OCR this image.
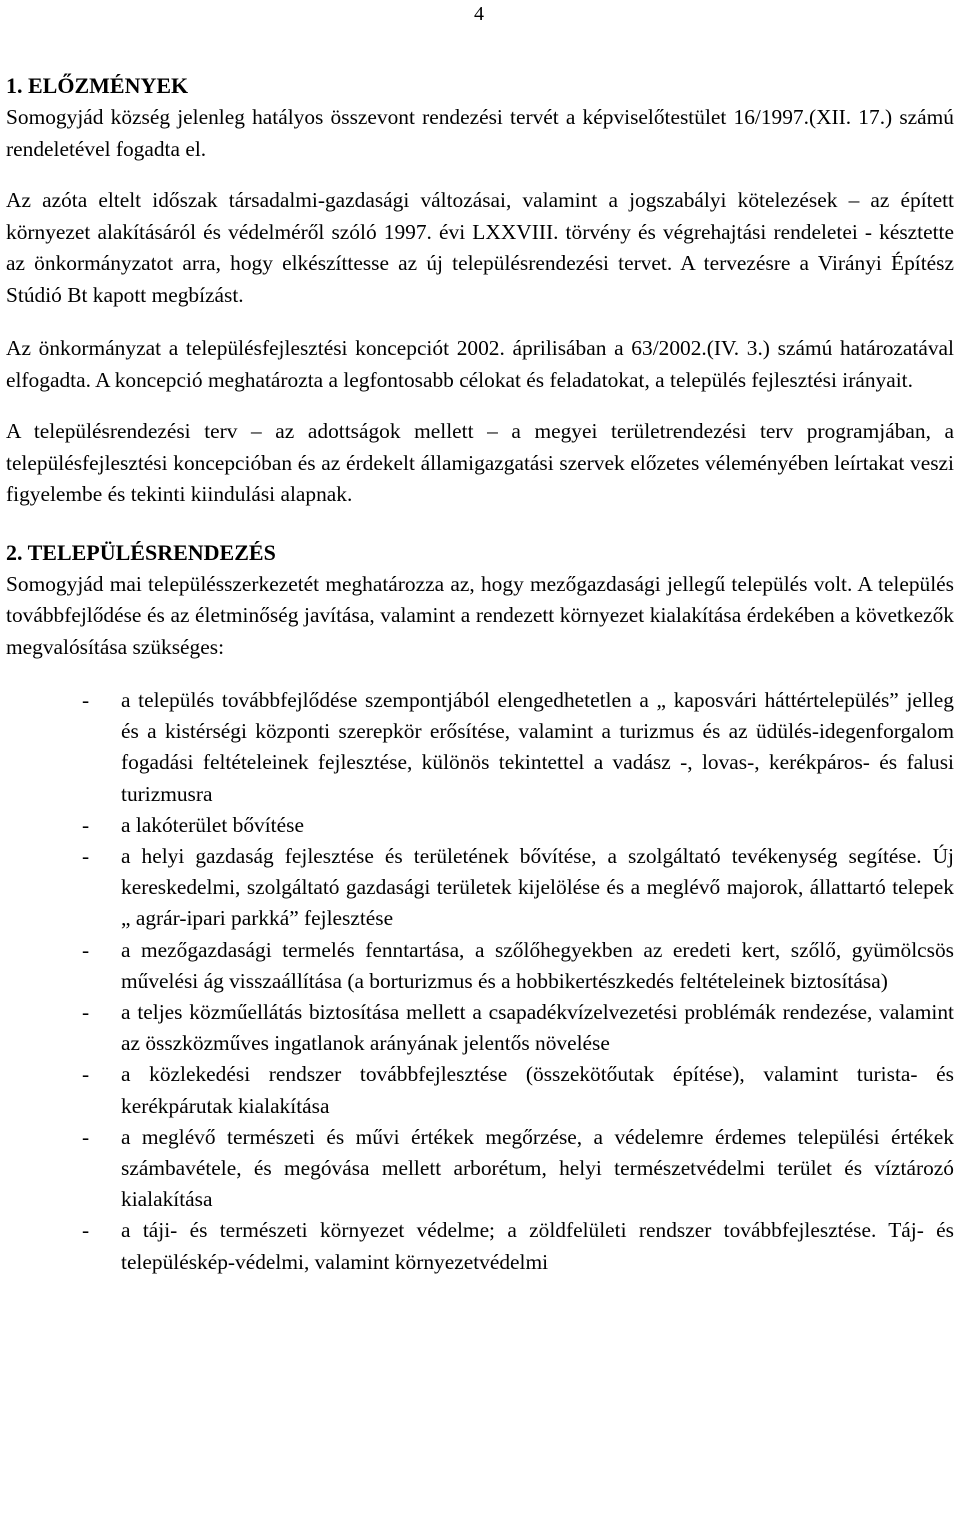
4
1. ELŐZMÉNYEK

Somogyjád község jelenleg hatályos összevont rendezési tervét a képviselőtestület 16/1997.(XII. 17.) számú rendeletével fogadta el.

Az azóta eltelt időszak társadalmi-gazdasági változásai, valamint a jogszabályi kötelezések – az épített környezet alakításáról és védelméről szóló 1997. évi LXXVIII. törvény és végrehajtási rendeletei - késztette az önkormányzatot arra, hogy elkészíttesse az új településrendezési tervet. A tervezésre a Virányi Építész Stúdió Bt kapott megbízást.

Az önkormányzat a településfejlesztési koncepciót 2002. áprilisában a 63/2002.(IV. 3.) számú határozatával elfogadta. A koncepció meghatározta a legfontosabb célokat és feladatokat, a település fejlesztési irányait.

A településrendezési terv – az adottságok mellett – a megyei területrendezési terv programjában, a településfejlesztési koncepcióban és az érdekelt államigazgatási szervek előzetes véleményében leírtakat veszi figyelembe és tekinti kiindulási alapnak.

2. TELEPÜLÉSRENDEZÉS

Somogyjád mai településszerkezetét meghatározza az, hogy mezőgazdasági jellegű település volt. A település továbbfejlődése és az életminőség javítása, valamint a rendezett környezet kialakítása érdekében a következők megvalósítása szükséges:

- a település továbbfejlődése szempontjából elengedhetetlen a „ kaposvári háttértelepülés” jelleg és a kistérségi központi szerepkör erősítése, valamint a turizmus és az üdülés-idegenforgalom fogadási feltételeinek fejlesztése, különös tekintettel a vadász -, lovas-, kerékpáros- és falusi turizmusra
- a lakóterület bővítése
- a helyi gazdaság fejlesztése és területének bővítése, a szolgáltató tevékenység segítése. Új kereskedelmi, szolgáltató gazdasági területek kijelölése és a meglévő majorok, állattartó telepek „ agrár-ipari parkká” fejlesztése
- a mezőgazdasági termelés fenntartása, a szőlőhegyekben az eredeti kert, szőlő, gyümölcsös művelési ág visszaállítása (a borturizmus és a hobbikertészkedés feltételeinek biztosítása)
- a teljes közműellátás biztosítása mellett a csapadékvízelvezetési problémák rendezése, valamint az összközműves ingatlanok arányának jelentős növelése
- a közlekedési rendszer továbbfejlesztése (összekötőutak építése), valamint turista- és kerékpárutak kialakítása
- a meglévő természeti és művi értékek megőrzése, a védelemre érdemes települési értékek számbavétele, és megóvása mellett arborétum, helyi természetvédelmi terület és víztározó kialakítása
- a táji- és természeti környezet védelme; a zöldfelületi rendszer továbbfejlesztése. Táj- és településkép-védelmi, valamint környezetvédelmi
